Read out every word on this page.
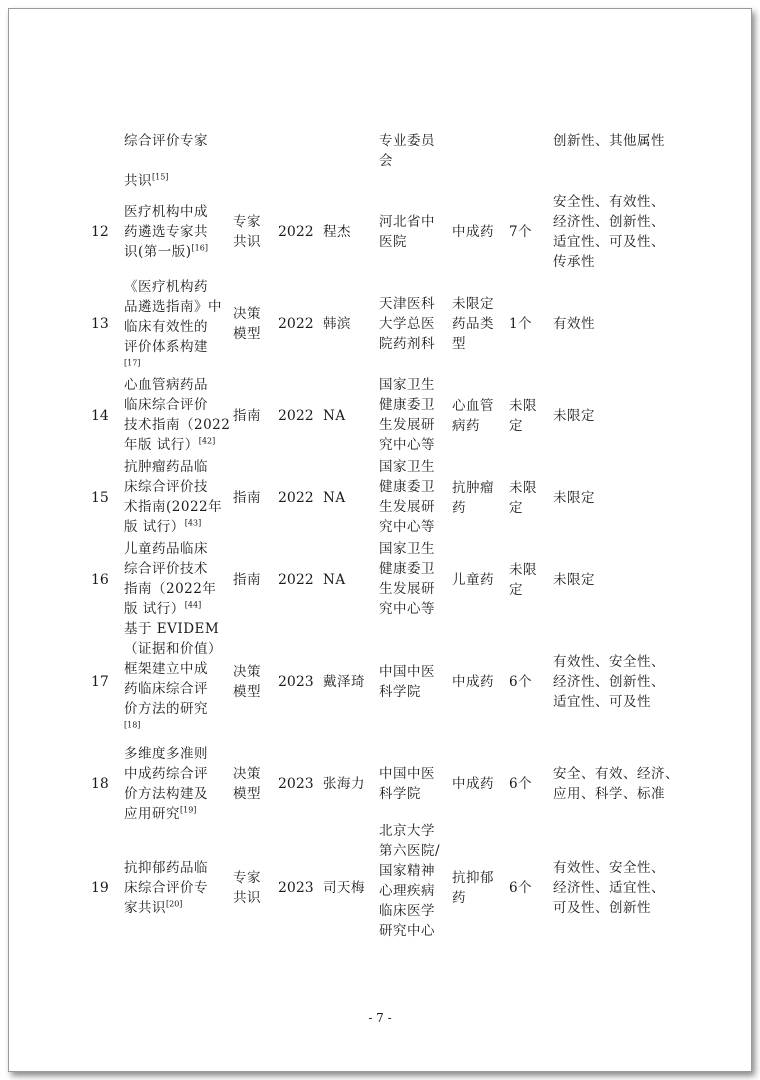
综合评价专家

共识[15]
专业委员
会
创新性、其他属性
12
医疗机构中成
药遴选专家共
识(第一版)[16]
专家
共识
2022 程杰
河北省中
医院
中成药 7个
安全性、有效性、
经济性、创新性、
适宜性、可及性、
传承性
13
《医疗机构药
品遴选指南》中
临床有效性的
评价体系构建
[17]
决策
模型
2022 韩滨
天津医科
大学总医
院药剂科
未限定
药品类
型
1个 有效性
14
心血管病药品
临床综合评价
技术指南（2022
年版 试行）[42]
指南 2022 NA
国家卫生
健康委卫
生发展研
究中心等
心血管
病药
未限
定
未限定
15
抗肿瘤药品临
床综合评价技
术指南(2022年
版 试行）[43]
指南 2022 NA
国家卫生
健康委卫
生发展研
究中心等
抗肿瘤
药
未限
定
未限定
16
儿童药品临床
综合评价技术
指南（2022年
版 试行）[44]
指南 2022 NA
国家卫生
健康委卫
生发展研
究中心等
儿童药
未限
定
未限定
17
基于 EVIDEM
（证据和价值）
框架建立中成
药临床综合评
价方法的研究
[18]
决策
模型
2023 戴泽琦
中国中医
科学院
中成药 6个
有效性、安全性、
经济性、创新性、
适宜性、可及性
18
多维度多准则
中成药综合评
价方法构建及
应用研究[19]
决策
模型
2023 张海力
中国中医
科学院
中成药 6个
安全、有效、经济、
应用、科学、标准
19
抗抑郁药品临
床综合评价专
家共识[20]
专家
共识
2023 司天梅
北京大学
第六医院/
国家精神
心理疾病
临床医学
研究中心
抗抑郁
药
6个
有效性、安全性、
经济性、适宜性、
可及性、创新性
- 7 -
